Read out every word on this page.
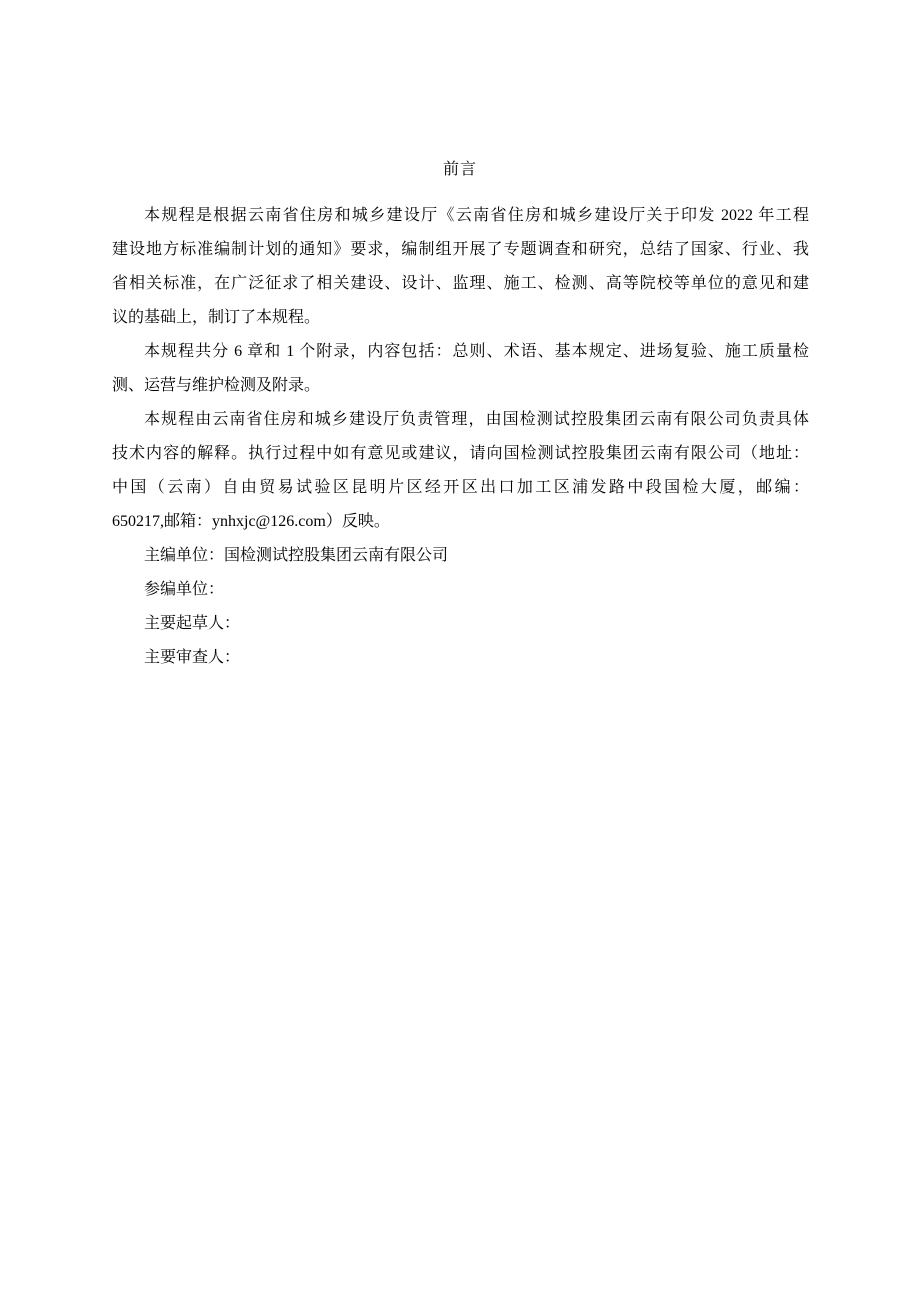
前言
本规程是根据云南省住房和城乡建设厅《云南省住房和城乡建设厅关于印发 2022 年工程
建设地方标准编制计划的通知》要求，编制组开展了专题调查和研究，总结了国家、行业、我
省相关标准，在广泛征求了相关建设、设计、监理、施工、检测、高等院校等单位的意见和建
议的基础上，制订了本规程。
本规程共分 6 章和 1 个附录，内容包括：总则、术语、基本规定、进场复验、施工质量检
测、运营与维护检测及附录。
本规程由云南省住房和城乡建设厅负责管理，由国检测试控股集团云南有限公司负责具体
技术内容的解释。执行过程中如有意见或建议，请向国检测试控股集团云南有限公司（地址：
中国（云南）自由贸易试验区昆明片区经开区出口加工区浦发路中段国检大厦，邮编：
650217,邮箱：ynhxjc@126.com）反映。

主编单位：国检测试控股集团云南有限公司

参编单位：

主要起草人：

主要审查人：
